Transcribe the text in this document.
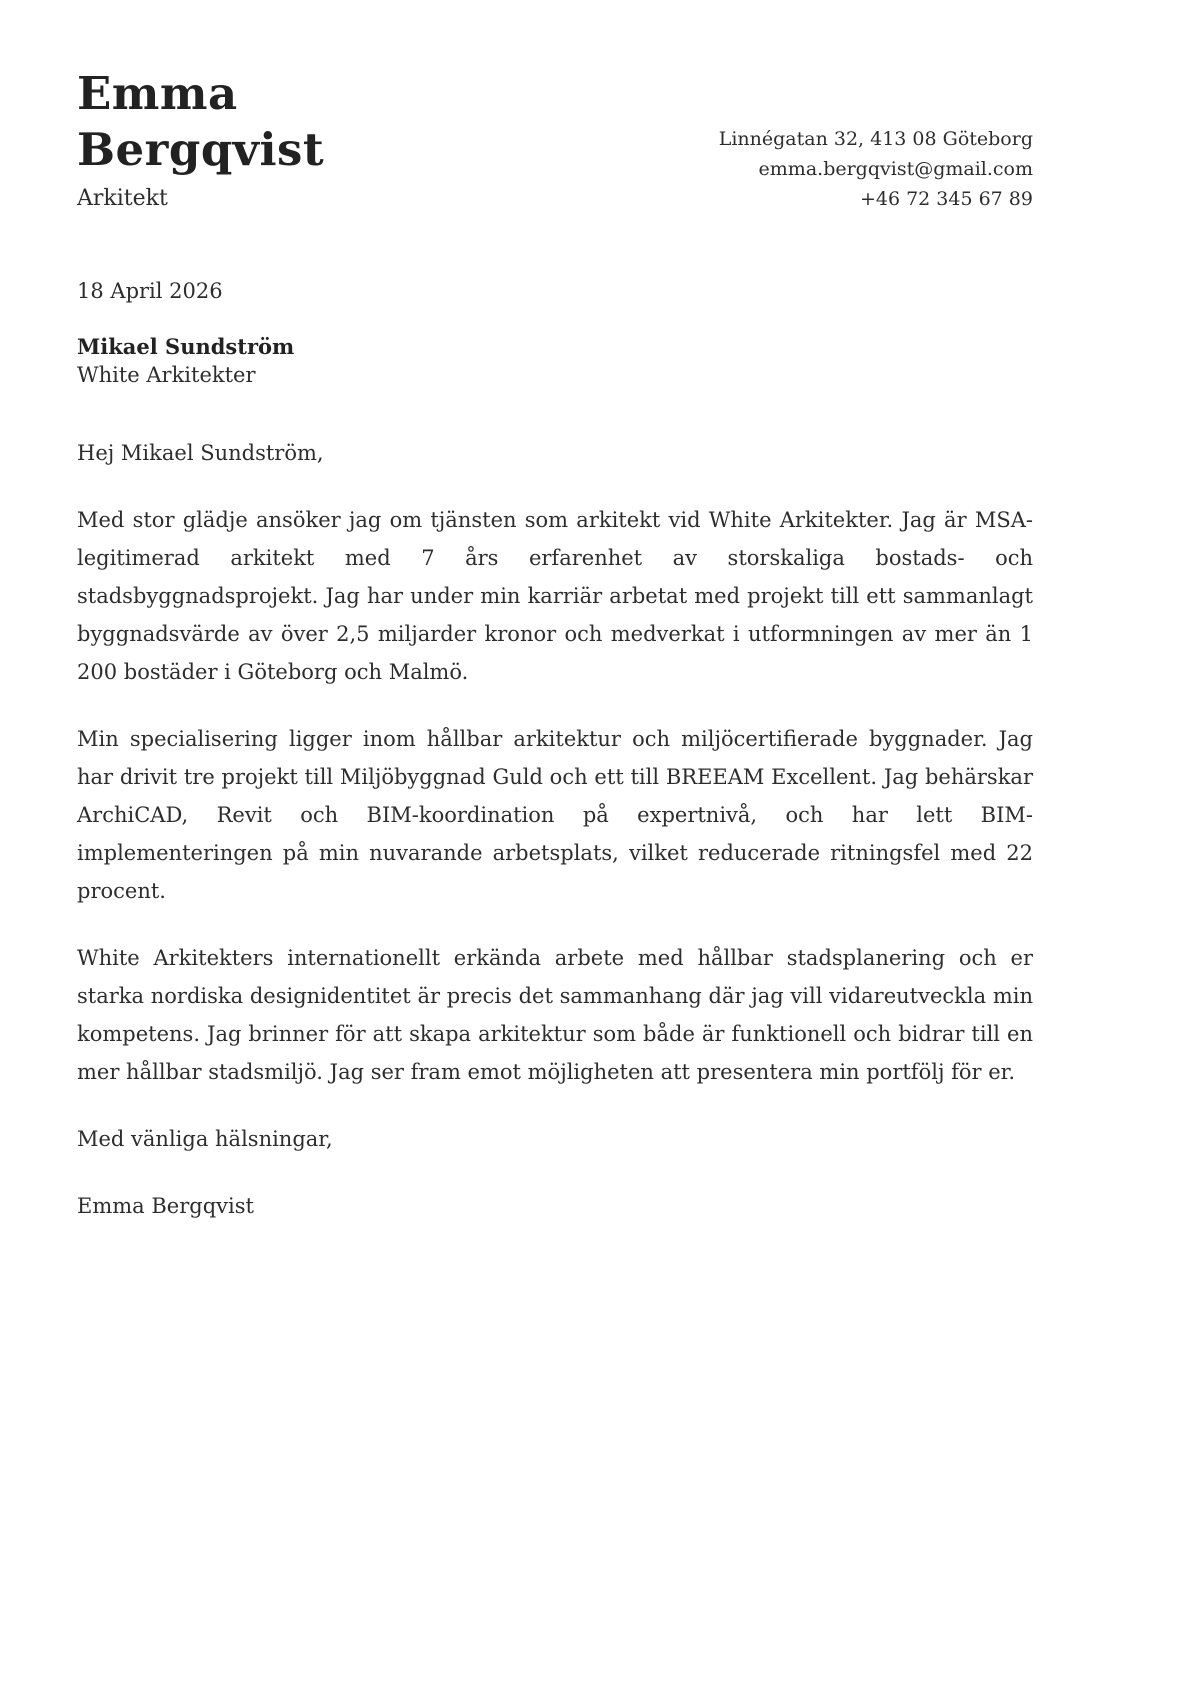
Emma
Bergqvist
Arkitekt
Linnégatan 32, 413 08 Göteborg
emma.bergqvist@gmail.com
+46 72 345 67 89
18 April 2026
Mikael Sundström
White Arkitekter

Hej Mikael Sundström,

Med stor glädje ansöker jag om tjänsten som arkitekt vid White Arkitekter. Jag är MSA-legitimerad arkitekt med 7 års erfarenhet av storskaliga bostads- och stadsbyggnadsprojekt. Jag har under min karriär arbetat med projekt till ett sammanlagt byggnadsvärde av över 2,5 miljarder kronor och medverkat i utformningen av mer än 1 200 bostäder i Göteborg och Malmö.

Min specialisering ligger inom hållbar arkitektur och miljöcertifierade byggnader. Jag har drivit tre projekt till Miljöbyggnad Guld och ett till BREEAM Excellent. Jag behärskar ArchiCAD, Revit och BIM-koordination på expertnivå, och har lett BIM-implementeringen på min nuvarande arbetsplats, vilket reducerade ritningsfel med 22 procent.

White Arkitekters internationellt erkända arbete med hållbar stadsplanering och er starka nordiska designidentitet är precis det sammanhang där jag vill vidareutveckla min kompetens. Jag brinner för att skapa arkitektur som både är funktionell och bidrar till en mer hållbar stadsmiljö. Jag ser fram emot möjligheten att presentera min portfölj för er.

Med vänliga hälsningar,

Emma Bergqvist
